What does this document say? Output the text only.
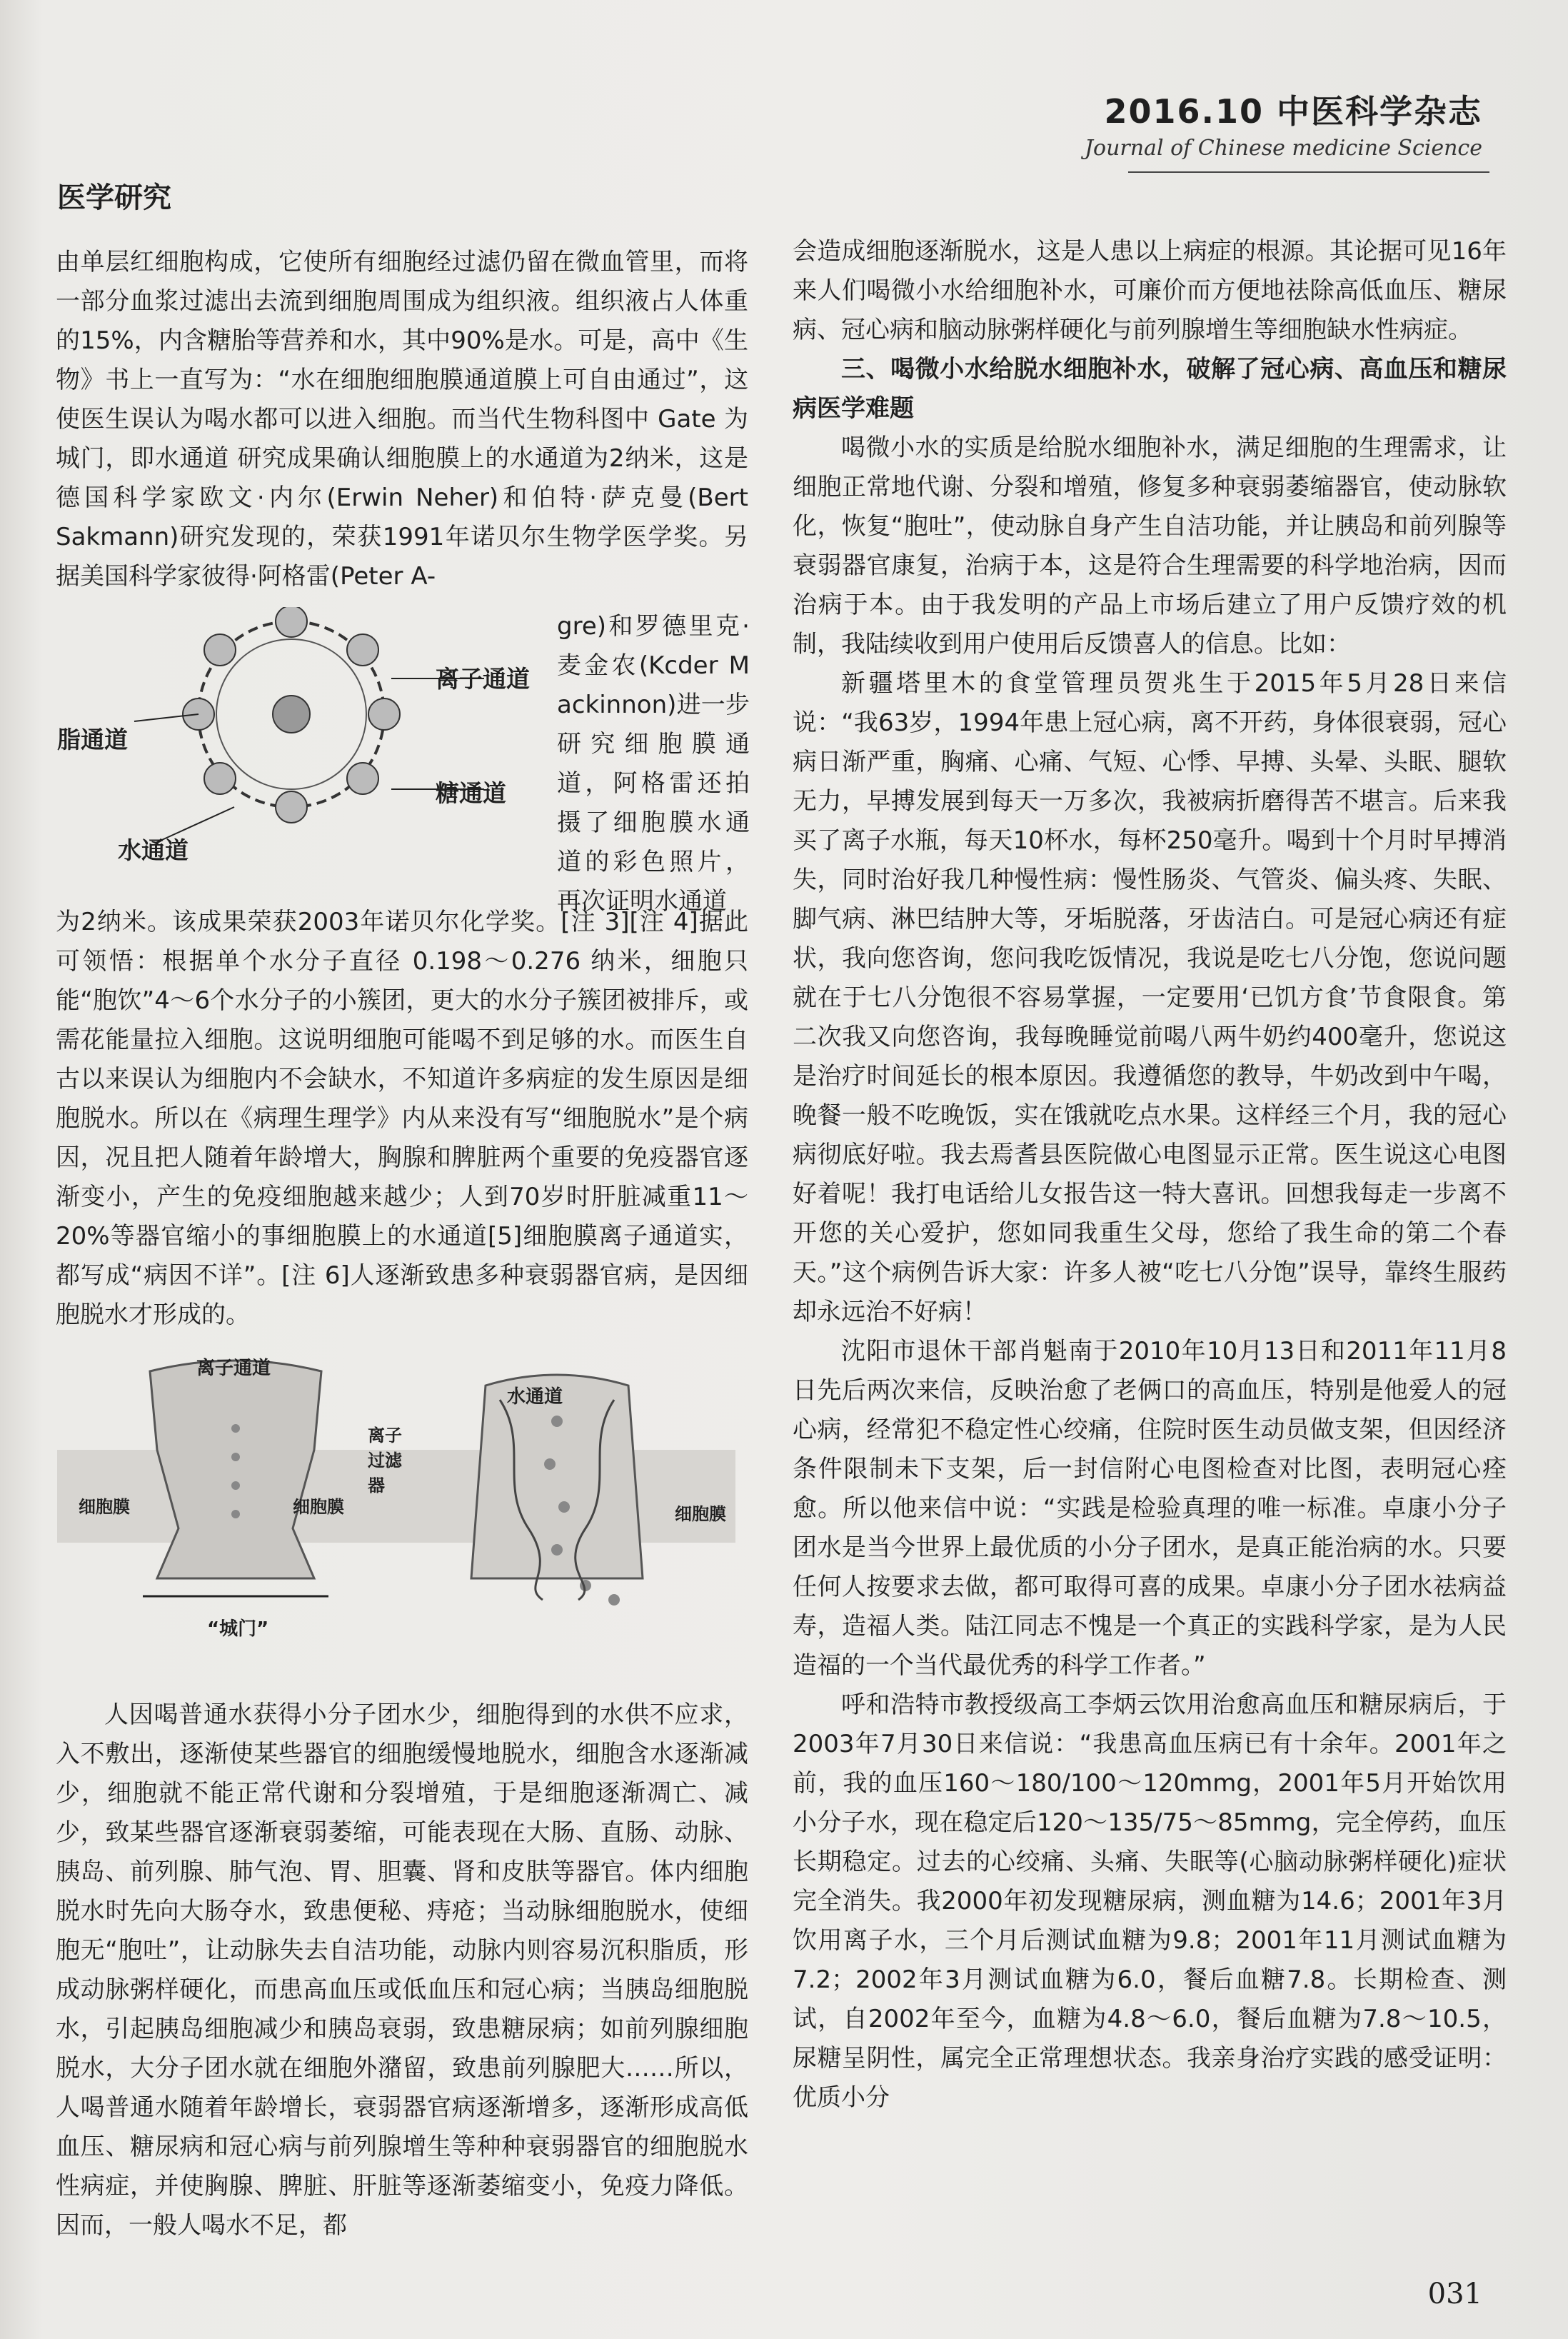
2016.10 中医科学杂志
Journal of Chinese medicine Science
医学研究

由单层红细胞构成，它使所有细胞经过滤仍留在微血管里，而将一部分血浆过滤出去流到细胞周围成为组织液。组织液占人体重的15%，内含糖胎等营养和水，其中90%是水。可是，高中《生物》书上一直写为：“水在细胞细胞膜通道膜上可自由通过”，这使医生误认为喝水都可以进入细胞。而当代生物科图中 Gate 为城门，即水通道 研究成果确认细胞膜上的水通道为2纳米，这是德国科学家欧文·内尔(Erwin Neher)和伯特·萨克曼(Bert Sakmann)研究发现的，荣获1991年诺贝尔生物学医学奖。另据美国科学家彼得·阿格雷(Peter A-

离子通道
脂通道
糖通道
水通道
gre)和罗德里克·麦金农(Kcder M ackinnon)进一步研究细胞膜通道，阿格雷还拍摄了细胞膜水通道的彩色照片，再次证明水通道

为2纳米。该成果荣获2003年诺贝尔化学奖。[注 3][注 4]据此可领悟：根据单个水分子直径 0.198～0.276 纳米，细胞只能“胞饮”4～6个水分子的小簇团，更大的水分子簇团被排斥，或需花能量拉入细胞。这说明细胞可能喝不到足够的水。而医生自古以来误认为细胞内不会缺水，不知道许多病症的发生原因是细胞脱水。所以在《病理生理学》内从来没有写“细胞脱水”是个病因，况且把人随着年龄增大，胸腺和脾脏两个重要的免疫器官逐渐变小，产生的免疫细胞越来越少；人到70岁时肝脏减重11～20%等器官缩小的事细胞膜上的水通道[5]细胞膜离子通道实，都写成“病因不详”。[注 6]人逐渐致患多种衰弱器官病，是因细胞脱水才形成的。

离子通道
水通道
离子过滤器
细胞膜	细胞膜	细胞膜
“城门”

人因喝普通水获得小分子团水少，细胞得到的水供不应求，入不敷出，逐渐使某些器官的细胞缓慢地脱水，细胞含水逐渐减少，细胞就不能正常代谢和分裂增殖，于是细胞逐渐凋亡、减少，致某些器官逐渐衰弱萎缩，可能表现在大肠、直肠、动脉、胰岛、前列腺、肺气泡、胃、胆囊、肾和皮肤等器官。体内细胞脱水时先向大肠夺水，致患便秘、痔疮；当动脉细胞脱水，使细胞无“胞吐”，让动脉失去自洁功能，动脉内则容易沉积脂质，形成动脉粥样硬化，而患高血压或低血压和冠心病；当胰岛细胞脱水，引起胰岛细胞减少和胰岛衰弱，致患糖尿病；如前列腺细胞脱水，大分子团水就在细胞外潴留，致患前列腺肥大……所以，人喝普通水随着年龄增长，衰弱器官病逐渐增多，逐渐形成高低血压、糖尿病和冠心病与前列腺增生等种种衰弱器官的细胞脱水性病症，并使胸腺、脾脏、肝脏等逐渐萎缩变小，免疫力降低。因而，一般人喝水不足，都

会造成细胞逐渐脱水，这是人患以上病症的根源。其论据可见16年来人们喝微小水给细胞补水，可廉价而方便地祛除高低血压、糖尿病、冠心病和脑动脉粥样硬化与前列腺增生等细胞缺水性病症。

三、喝微小水给脱水细胞补水，破解了冠心病、高血压和糖尿病医学难题

喝微小水的实质是给脱水细胞补水，满足细胞的生理需求，让细胞正常地代谢、分裂和增殖，修复多种衰弱萎缩器官，使动脉软化，恢复“胞吐”，使动脉自身产生自洁功能，并让胰岛和前列腺等衰弱器官康复，治病于本，这是符合生理需要的科学地治病，因而治病于本。由于我发明的产品上市场后建立了用户反馈疗效的机制，我陆续收到用户使用后反馈喜人的信息。比如：

新疆塔里木的食堂管理员贺兆生于2015年5月28日来信说：“我63岁，1994年患上冠心病，离不开药，身体很衰弱，冠心病日渐严重，胸痛、心痛、气短、心悸、早搏、头晕、头眠、腿软无力，早搏发展到每天一万多次，我被病折磨得苦不堪言。后来我买了离子水瓶，每天10杯水，每杯250毫升。喝到十个月时早搏消失，同时治好我几种慢性病：慢性肠炎、气管炎、偏头疼、失眠、脚气病、淋巴结肿大等，牙垢脱落，牙齿洁白。可是冠心病还有症状，我向您咨询，您问我吃饭情况，我说是吃七八分饱，您说问题就在于七八分饱很不容易掌握，一定要用‘已饥方食’节食限食。第二次我又向您咨询，我每晚睡觉前喝八两牛奶约400毫升，您说这是治疗时间延长的根本原因。我遵循您的教导，牛奶改到中午喝，晚餐一般不吃晚饭，实在饿就吃点水果。这样经三个月，我的冠心病彻底好啦。我去焉耆县医院做心电图显示正常。医生说这心电图好着呢！我打电话给儿女报告这一特大喜讯。回想我每走一步离不开您的关心爱护，您如同我重生父母，您给了我生命的第二个春天。”这个病例告诉大家：许多人被“吃七八分饱”误导，靠终生服药却永远治不好病！

沈阳市退休干部肖魁南于2010年10月13日和2011年11月8日先后两次来信，反映治愈了老俩口的高血压，特别是他爱人的冠心病，经常犯不稳定性心绞痛，住院时医生动员做支架，但因经济条件限制未下支架，后一封信附心电图检查对比图，表明冠心痊愈。所以他来信中说：“实践是检验真理的唯一标准。卓康小分子团水是当今世界上最优质的小分子团水，是真正能治病的水。只要任何人按要求去做，都可取得可喜的成果。卓康小分子团水祛病益寿，造福人类。陆江同志不愧是一个真正的实践科学家，是为人民造福的一个当代最优秀的科学工作者。”

呼和浩特市教授级高工李炳云饮用治愈高血压和糖尿病后，于2003年7月30日来信说：“我患高血压病已有十余年。2001年之前，我的血压160～180/100～120mmg，2001年5月开始饮用小分子水，现在稳定后120～135/75～85mmg，完全停药，血压长期稳定。过去的心绞痛、头痛、失眠等(心脑动脉粥样硬化)症状完全消失。我2000年初发现糖尿病，测血糖为14.6；2001年3月饮用离子水，三个月后测试血糖为9.8；2001年11月测试血糖为7.2；2002年3月测试血糖为6.0，餐后血糖7.8。长期检查、测试，自2002年至今，血糖为4.8～6.0，餐后血糖为7.8～10.5，尿糖呈阴性，属完全正常理想状态。我亲身治疗实践的感受证明：优质小分

031
